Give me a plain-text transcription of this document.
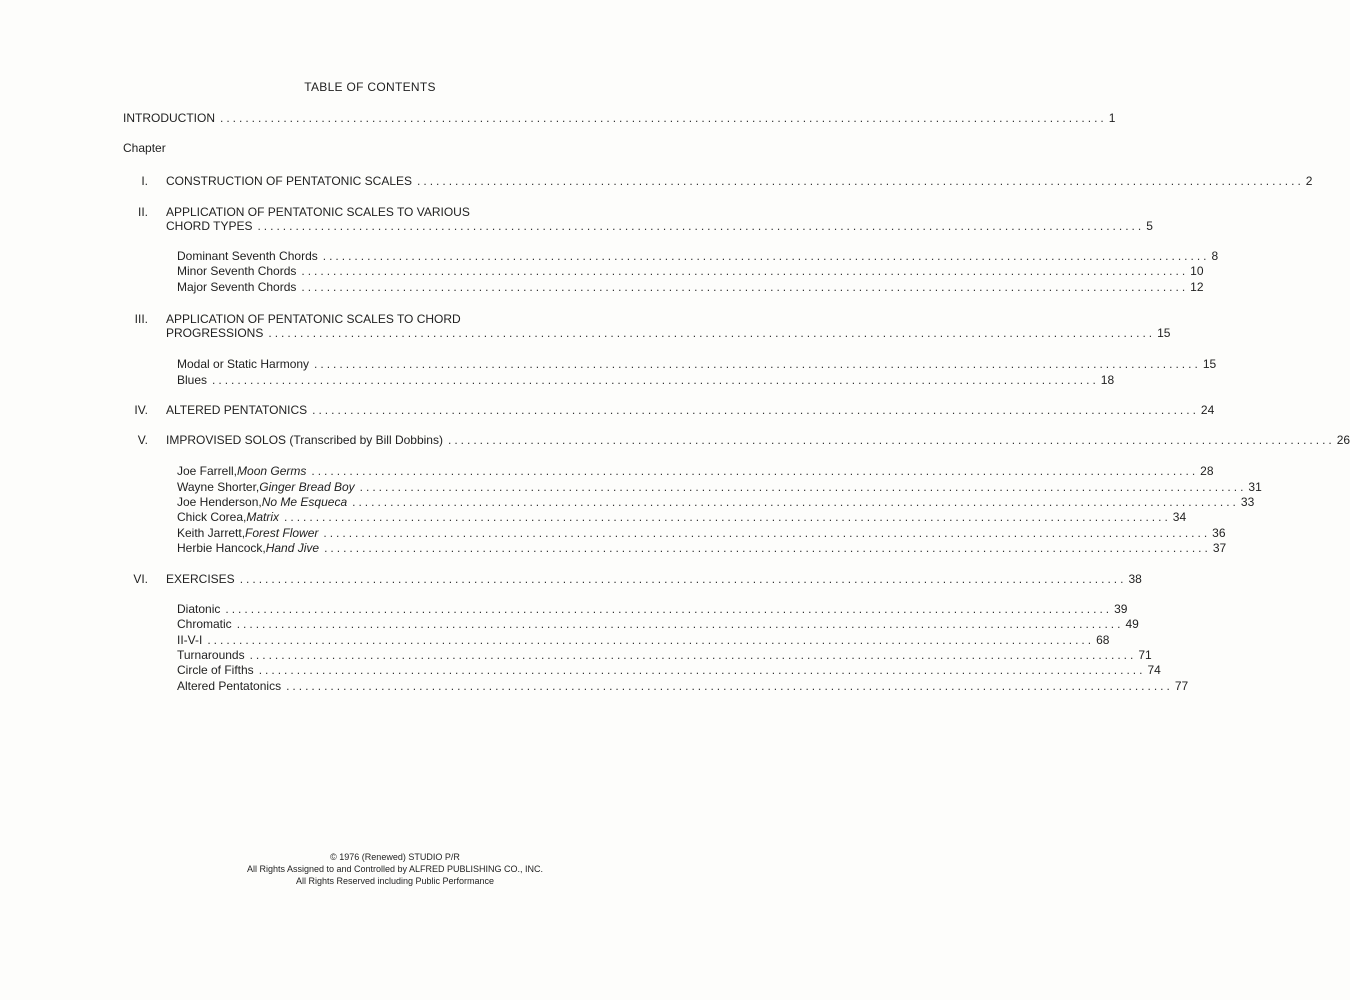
TABLE OF CONTENTS
INTRODUCTION ............................................................................................................................................ 1
Chapter
I. CONSTRUCTION OF PENTATONIC SCALES ............................................................................................................................................ 2
II. APPLICATION OF PENTATONIC SCALES TO VARIOUS
CHORD TYPES ............................................................................................................................................ 5
Dominant Seventh Chords ............................................................................................................................................ 8
Minor Seventh Chords ............................................................................................................................................ 10
Major Seventh Chords ............................................................................................................................................ 12
III. APPLICATION OF PENTATONIC SCALES TO CHORD
PROGRESSIONS ............................................................................................................................................ 15
Modal or Static Harmony ............................................................................................................................................ 15
Blues ............................................................................................................................................ 18
IV. ALTERED PENTATONICS ............................................................................................................................................ 24
V. IMPROVISED SOLOS (Transcribed by Bill Dobbins) ............................................................................................................................................ 26
Joe Farrell, Moon Germs ............................................................................................................................................ 28
Wayne Shorter, Ginger Bread Boy ............................................................................................................................................ 31
Joe Henderson, No Me Esqueca ............................................................................................................................................ 33
Chick Corea, Matrix ............................................................................................................................................ 34
Keith Jarrett, Forest Flower ............................................................................................................................................ 36
Herbie Hancock, Hand Jive ............................................................................................................................................ 37
VI. EXERCISES ............................................................................................................................................ 38
Diatonic ............................................................................................................................................ 39
Chromatic ............................................................................................................................................ 49
II-V-I ............................................................................................................................................ 68
Turnarounds ............................................................................................................................................ 71
Circle of Fifths ............................................................................................................................................ 74
Altered Pentatonics ............................................................................................................................................ 77
© 1976 (Renewed) STUDIO P/R
All Rights Assigned to and Controlled by ALFRED PUBLISHING CO., INC.
All Rights Reserved including Public Performance
